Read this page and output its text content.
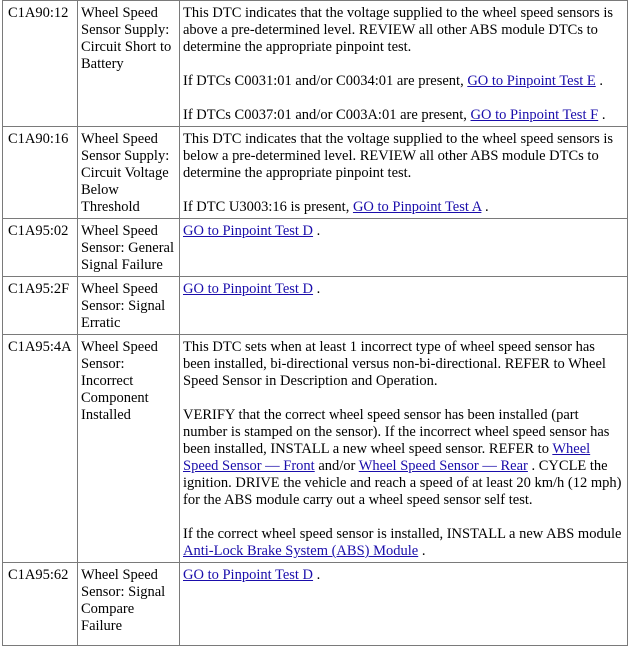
C1A90:12	Wheel Speed Sensor Supply: Circuit Short to Battery	This DTC indicates that the voltage supplied to the wheel speed sensors is above a pre-determined level. REVIEW all other ABS module DTCs to determine the appropriate pinpoint test.
If DTCs C0031:01 and/or C0034:01 are present, GO to Pinpoint Test E .
If DTCs C0037:01 and/or C003A:01 are present, GO to Pinpoint Test F .

C1A90:16	Wheel Speed Sensor Supply: Circuit Voltage Below Threshold	This DTC indicates that the voltage supplied to the wheel speed sensors is below a pre-determined level. REVIEW all other ABS module DTCs to determine the appropriate pinpoint test.
If DTC U3003:16 is present, GO to Pinpoint Test A .

C1A95:02	Wheel Speed Sensor: General Signal Failure	GO to Pinpoint Test D .
C1A95:2F	Wheel Speed Sensor: Signal Erratic	GO to Pinpoint Test D .
C1A95:4A	Wheel Speed Sensor: Incorrect Component Installed	This DTC sets when at least 1 incorrect type of wheel speed sensor has been installed, bi-directional versus non-bi-directional. REFER to Wheel Speed Sensor in Description and Operation.
VERIFY that the correct wheel speed sensor has been installed (part number is stamped on the sensor). If the incorrect wheel speed sensor has been installed, INSTALL a new wheel speed sensor. REFER to Wheel Speed Sensor — Front and/or Wheel Speed Sensor — Rear . CYCLE the ignition. DRIVE the vehicle and reach a speed of at least 20 km/h (12 mph) for the ABS module carry out a wheel speed sensor self test.
If the correct wheel speed sensor is installed, INSTALL a new ABS module Anti-Lock Brake System (ABS) Module .

C1A95:62	Wheel Speed Sensor: Signal Compare Failure	GO to Pinpoint Test D .
